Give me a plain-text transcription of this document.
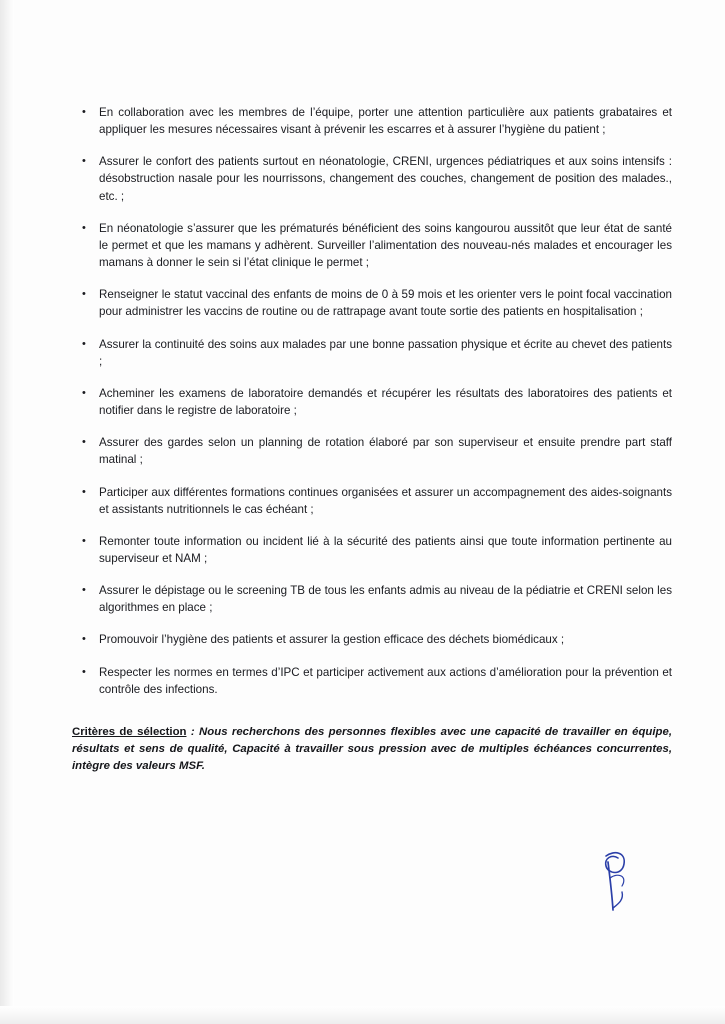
• En collaboration avec les membres de l’équipe, porter une attention particulière aux patients grabataires et appliquer les mesures nécessaires visant à prévenir les escarres et à assurer l’hygiène du patient ;
• Assurer le confort des patients surtout en néonatologie, CRENI, urgences pédiatriques et aux soins intensifs : désobstruction nasale pour les nourrissons, changement des couches, changement de position des malades., etc. ;
• En néonatologie s’assurer que les prématurés bénéficient des soins kangourou aussitôt que leur état de santé le permet et que les mamans y adhèrent. Surveiller l’alimentation des nouveau-nés malades et encourager les mamans à donner le sein si l’état clinique le permet ;
• Renseigner le statut vaccinal des enfants de moins de 0 à 59 mois et les orienter vers le point focal vaccination pour administrer les vaccins de routine ou de rattrapage avant toute sortie des patients en hospitalisation ;
• Assurer la continuité des soins aux malades par une bonne passation physique et écrite au chevet des patients ;
• Acheminer les examens de laboratoire demandés et récupérer les résultats des laboratoires des patients et notifier dans le registre de laboratoire ;
• Assurer des gardes selon un planning de rotation élaboré par son superviseur et ensuite prendre part staff matinal ;
• Participer aux différentes formations continues organisées et assurer un accompagnement des aides-soignants et assistants nutritionnels le cas échéant ;
• Remonter toute information ou incident lié à la sécurité des patients ainsi que toute information pertinente au superviseur et NAM ;
• Assurer le dépistage ou le screening TB de tous les enfants admis au niveau de la pédiatrie et CRENI selon les algorithmes en place ;
• Promouvoir l’hygiène des patients et assurer la gestion efficace des déchets biomédicaux ;
• Respecter les normes en termes d’IPC et participer activement aux actions d’amélioration pour la prévention et contrôle des infections.

Critères de sélection : Nous recherchons des personnes flexibles avec une capacité de travailler en équipe, résultats et sens de qualité, Capacité à travailler sous pression avec de multiples échéances concurrentes, intègre des valeurs MSF.
